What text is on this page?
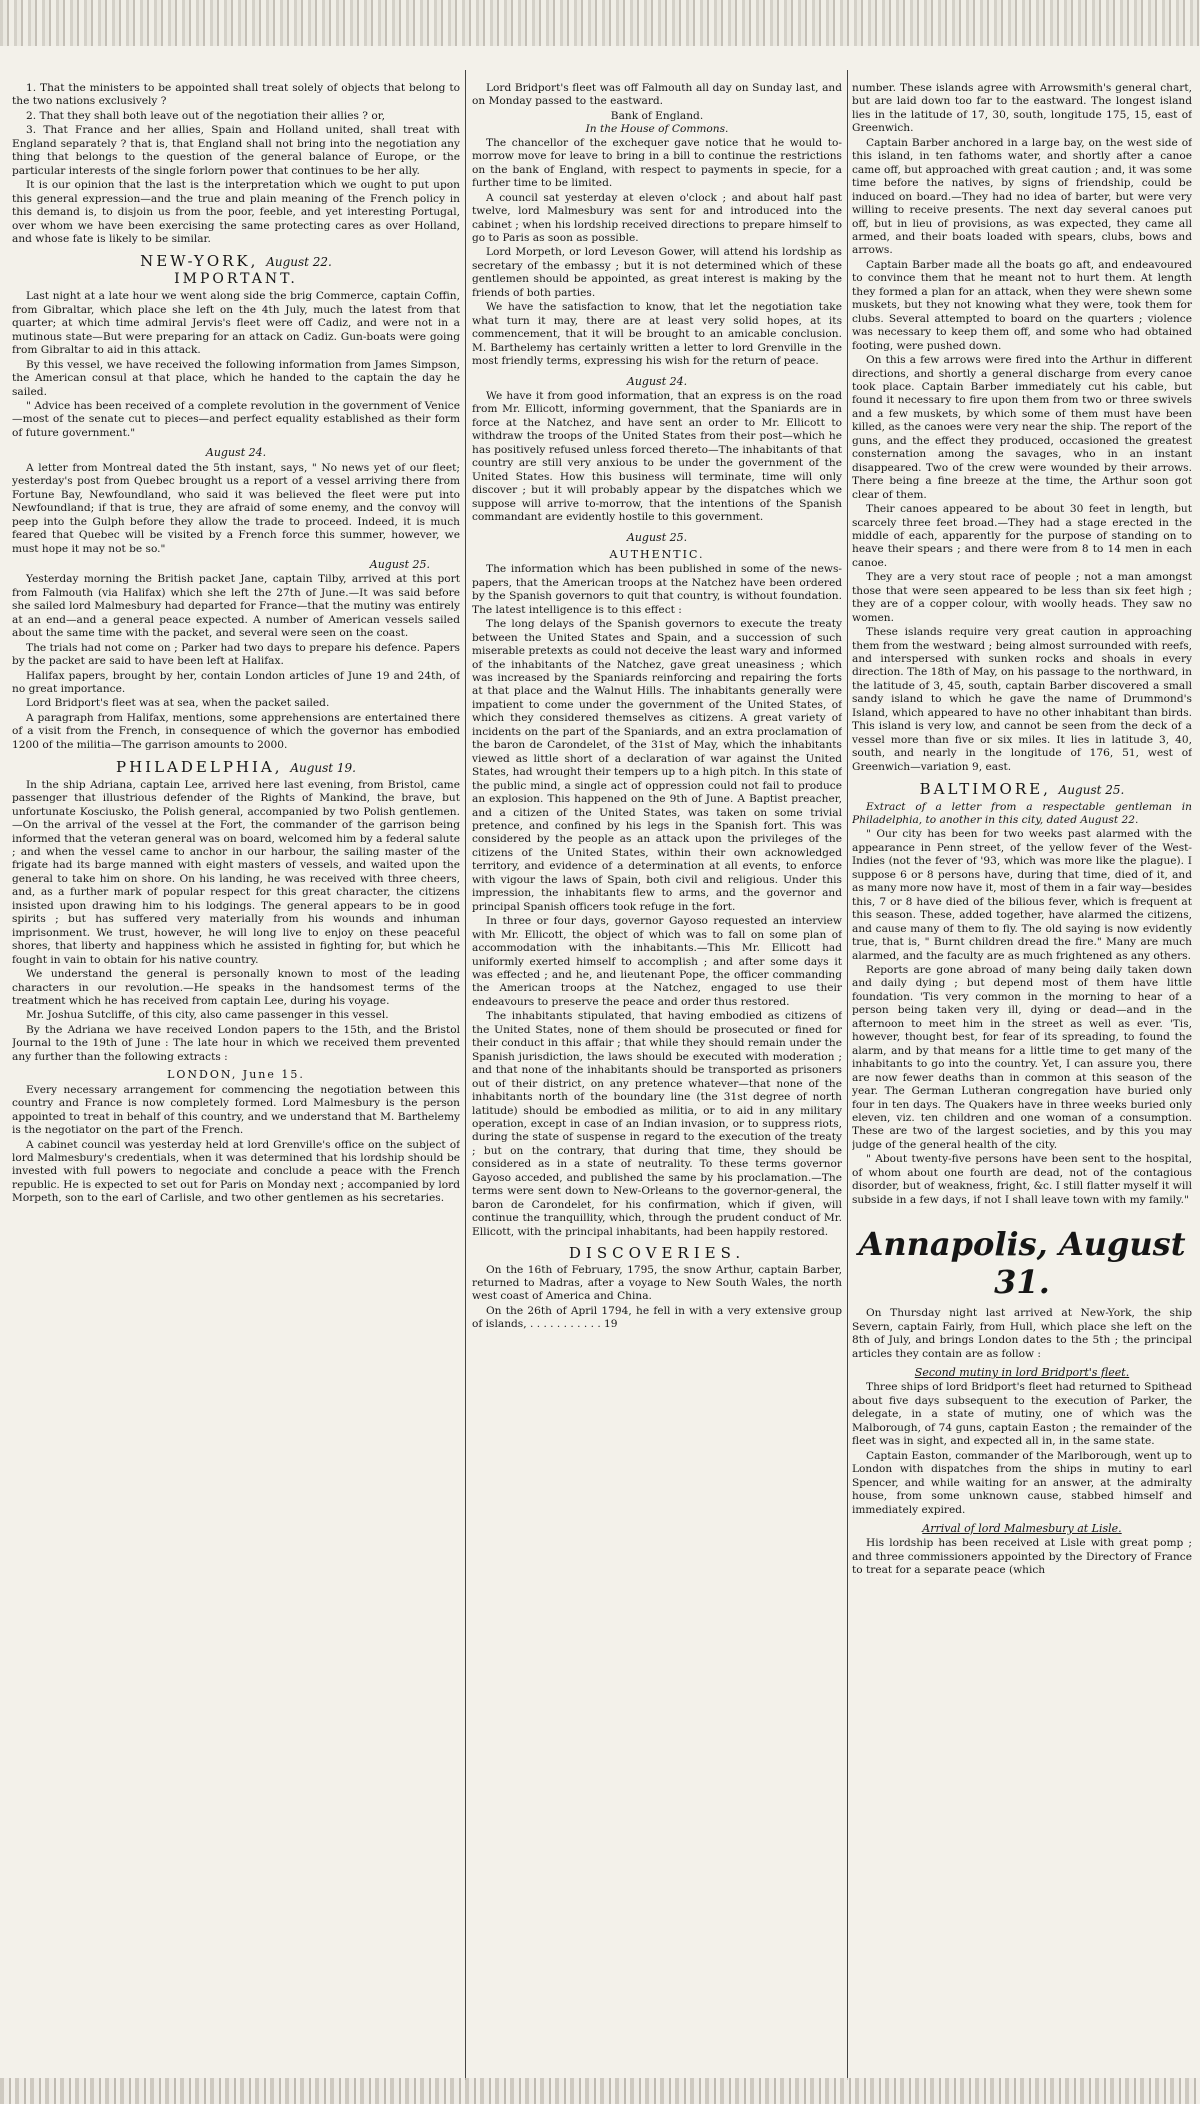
1. That the ministers to be appointed shall treat solely of objects that belong to the two nations exclusively ?

2. That they shall both leave out of the negotiation their allies ? or,

3. That France and her allies, Spain and Holland united, shall treat with England separately ? that is, that England shall not bring into the negotiation any thing that belongs to the question of the general balance of Europe, or the particular interests of the single forlorn power that continues to be her ally.

It is our opinion that the last is the interpretation which we ought to put upon this general expression—and the true and plain meaning of the French policy in this demand is, to disjoin us from the poor, feeble, and yet interesting Portugal, over whom we have been exercising the same protecting cares as over Holland, and whose fate is likely to be similar.

NEW-YORK, August 22.
IMPORTANT.

Last night at a late hour we went along side the brig Commerce, captain Coffin, from Gibraltar, which place she left on the 4th July, much the latest from that quarter; at which time admiral Jervis's fleet were off Cadiz, and were not in a mutinous state—But were preparing for an attack on Cadiz. Gun-boats were going from Gibraltar to aid in this attack.

By this vessel, we have received the following information from James Simpson, the American consul at that place, which he handed to the captain the day he sailed.

" Advice has been received of a complete revolution in the government of Venice—most of the senate cut to pieces—and perfect equality established as their form of future government."

August 24.

A letter from Montreal dated the 5th instant, says, " No news yet of our fleet; yesterday's post from Quebec brought us a report of a vessel arriving there from Fortune Bay, Newfoundland, who said it was believed the fleet were put into Newfoundland; if that is true, they are afraid of some enemy, and the convoy will peep into the Gulph before they allow the trade to proceed. Indeed, it is much feared that Quebec will be visited by a French force this summer, however, we must hope it may not be so."

August 25.

Yesterday morning the British packet Jane, captain Tilby, arrived at this port from Falmouth (via Halifax) which she left the 27th of June.—It was said before she sailed lord Malmesbury had departed for France—that the mutiny was entirely at an end—and a general peace expected. A number of American vessels sailed about the same time with the packet, and several were seen on the coast.

The trials had not come on ; Parker had two days to prepare his defence. Papers by the packet are said to have been left at Halifax.

Halifax papers, brought by her, contain London articles of June 19 and 24th, of no great importance.

Lord Bridport's fleet was at sea, when the packet sailed.

A paragraph from Halifax, mentions, some apprehensions are entertained there of a visit from the French, in consequence of which the governor has embodied 1200 of the militia—The garrison amounts to 2000.

PHILADELPHIA, August 19.

In the ship Adriana, captain Lee, arrived here last evening, from Bristol, came passenger that illustrious defender of the Rights of Mankind, the brave, but unfortunate Kosciusko, the Polish general, accompanied by two Polish gentlemen.—On the arrival of the vessel at the Fort, the commander of the garrison being informed that the veteran general was on board, welcomed him by a federal salute ; and when the vessel came to anchor in our harbour, the sailing master of the frigate had its barge manned with eight masters of vessels, and waited upon the general to take him on shore. On his landing, he was received with three cheers, and, as a further mark of popular respect for this great character, the citizens insisted upon drawing him to his lodgings. The general appears to be in good spirits ; but has suffered very materially from his wounds and inhuman imprisonment. We trust, however, he will long live to enjoy on these peaceful shores, that liberty and happiness which he assisted in fighting for, but which he fought in vain to obtain for his native country.

We understand the general is personally known to most of the leading characters in our revolution.—He speaks in the handsomest terms of the treatment which he has received from captain Lee, during his voyage.

Mr. Joshua Sutcliffe, of this city, also came passenger in this vessel.

By the Adriana we have received London papers to the 15th, and the Bristol Journal to the 19th of June : The late hour in which we received them prevented any further than the following extracts :

LONDON, June 15.

Every necessary arrangement for commencing the negotiation between this country and France is now completely formed. Lord Malmesbury is the person appointed to treat in behalf of this country, and we understand that M. Barthelemy is the negotiator on the part of the French.

A cabinet council was yesterday held at lord Grenville's office on the subject of lord Malmesbury's credentials, when it was determined that his lordship should be invested with full powers to negociate and conclude a peace with the French republic. He is expected to set out for Paris on Monday next ; accompanied by lord Morpeth, son to the earl of Carlisle, and two other gentlemen as his secretaries.

Lord Bridport's fleet was off Falmouth all day on Sunday last, and on Monday passed to the eastward.

Bank of England.
In the House of Commons.

The chancellor of the exchequer gave notice that he would to-morrow move for leave to bring in a bill to continue the restrictions on the bank of England, with respect to payments in specie, for a further time to be limited.

A council sat yesterday at eleven o'clock ; and about half past twelve, lord Malmesbury was sent for and introduced into the cabinet ; when his lordship received directions to prepare himself to go to Paris as soon as possible.

Lord Morpeth, or lord Leveson Gower, will attend his lordship as secretary of the embassy ; but it is not determined which of these gentlemen should be appointed, as great interest is making by the friends of both parties.

We have the satisfaction to know, that let the negotiation take what turn it may, there are at least very solid hopes, at its commencement, that it will be brought to an amicable conclusion. M. Barthelemy has certainly written a letter to lord Grenville in the most friendly terms, expressing his wish for the return of peace.

August 24.

We have it from good information, that an express is on the road from Mr. Ellicott, informing government, that the Spaniards are in force at the Natchez, and have sent an order to Mr. Ellicott to withdraw the troops of the United States from their post—which he has positively refused unless forced thereto—The inhabitants of that country are still very anxious to be under the government of the United States. How this business will terminate, time will only discover ; but it will probably appear by the dispatches which we suppose will arrive to-morrow, that the intentions of the Spanish commandant are evidently hostile to this government.

August 25.
AUTHENTIC.

The information which has been published in some of the news-papers, that the American troops at the Natchez have been ordered by the Spanish governors to quit that country, is without foundation. The latest intelligence is to this effect :

The long delays of the Spanish governors to execute the treaty between the United States and Spain, and a succession of such miserable pretexts as could not deceive the least wary and informed of the inhabitants of the Natchez, gave great uneasiness ; which was increased by the Spaniards reinforcing and repairing the forts at that place and the Walnut Hills. The inhabitants generally were impatient to come under the government of the United States, of which they considered themselves as citizens. A great variety of incidents on the part of the Spaniards, and an extra proclamation of the baron de Carondelet, of the 31st of May, which the inhabitants viewed as little short of a declaration of war against the United States, had wrought their tempers up to a high pitch. In this state of the public mind, a single act of oppression could not fail to produce an explosion. This happened on the 9th of June. A Baptist preacher, and a citizen of the United States, was taken on some trivial pretence, and confined by his legs in the Spanish fort. This was considered by the people as an attack upon the privileges of the citizens of the United States, within their own acknowledged territory, and evidence of a determination at all events, to enforce with vigour the laws of Spain, both civil and religious. Under this impression, the inhabitants flew to arms, and the governor and principal Spanish officers took refuge in the fort.

In three or four days, governor Gayoso requested an interview with Mr. Ellicott, the object of which was to fall on some plan of accommodation with the inhabitants.—This Mr. Ellicott had uniformly exerted himself to accomplish ; and after some days it was effected ; and he, and lieutenant Pope, the officer commanding the American troops at the Natchez, engaged to use their endeavours to preserve the peace and order thus restored.

The inhabitants stipulated, that having embodied as citizens of the United States, none of them should be prosecuted or fined for their conduct in this affair ; that while they should remain under the Spanish jurisdiction, the laws should be executed with moderation ; and that none of the inhabitants should be transported as prisoners out of their district, on any pretence whatever—that none of the inhabitants north of the boundary line (the 31st degree of north latitude) should be embodied as militia, or to aid in any military operation, except in case of an Indian invasion, or to suppress riots, during the state of suspense in regard to the execution of the treaty ; but on the contrary, that during that time, they should be considered as in a state of neutrality. To these terms governor Gayoso acceded, and published the same by his proclamation.—The terms were sent down to New-Orleans to the governor-general, the baron de Carondelet, for his confirmation, which if given, will continue the tranquillity, which, through the prudent conduct of Mr. Ellicott, with the principal inhabitants, had been happily restored.

DISCOVERIES.

On the 16th of February, 1795, the snow Arthur, captain Barber, returned to Madras, after a voyage to New South Wales, the north west coast of America and China.

On the 26th of April 1794, he fell in with a very extensive group of islands, . . . . . . . . . . . 19

number. These islands agree with Arrowsmith's general chart, but are laid down too far to the eastward. The longest island lies in the latitude of 17, 30, south, longitude 175, 15, east of Greenwich.

Captain Barber anchored in a large bay, on the west side of this island, in ten fathoms water, and shortly after a canoe came off, but approached with great caution ; and, it was some time before the natives, by signs of friendship, could be induced on board.—They had no idea of barter, but were very willing to receive presents. The next day several canoes put off, but in lieu of provisions, as was expected, they came all armed, and their boats loaded with spears, clubs, bows and arrows.

Captain Barber made all the boats go aft, and endeavoured to convince them that he meant not to hurt them. At length they formed a plan for an attack, when they were shewn some muskets, but they not knowing what they were, took them for clubs. Several attempted to board on the quarters ; violence was necessary to keep them off, and some who had obtained footing, were pushed down.

On this a few arrows were fired into the Arthur in different directions, and shortly a general discharge from every canoe took place. Captain Barber immediately cut his cable, but found it necessary to fire upon them from two or three swivels and a few muskets, by which some of them must have been killed, as the canoes were very near the ship. The report of the guns, and the effect they produced, occasioned the greatest consternation among the savages, who in an instant disappeared. Two of the crew were wounded by their arrows. There being a fine breeze at the time, the Arthur soon got clear of them.

Their canoes appeared to be about 30 feet in length, but scarcely three feet broad.—They had a stage erected in the middle of each, apparently for the purpose of standing on to heave their spears ; and there were from 8 to 14 men in each canoe.

They are a very stout race of people ; not a man amongst those that were seen appeared to be less than six feet high ; they are of a copper colour, with woolly heads. They saw no women.

These islands require very great caution in approaching them from the westward ; being almost surrounded with reefs, and interspersed with sunken rocks and shoals in every direction. The 18th of May, on his passage to the northward, in the latitude of 3, 45, south, captain Barber discovered a small sandy island to which he gave the name of Drummond's Island, which appeared to have no other inhabitant than birds. This island is very low, and cannot be seen from the deck of a vessel more than five or six miles. It lies in latitude 3, 40, south, and nearly in the longitude of 176, 51, west of Greenwich—variation 9, east.

BALTIMORE, August 25.

Extract of a letter from a respectable gentleman in Philadelphia, to another in this city, dated August 22.

" Our city has been for two weeks past alarmed with the appearance in Penn street, of the yellow fever of the West-Indies (not the fever of '93, which was more like the plague). I suppose 6 or 8 persons have, during that time, died of it, and as many more now have it, most of them in a fair way—besides this, 7 or 8 have died of the bilious fever, which is frequent at this season. These, added together, have alarmed the citizens, and cause many of them to fly. The old saying is now evidently true, that is, " Burnt children dread the fire." Many are much alarmed, and the faculty are as much frightened as any others.

Reports are gone abroad of many being daily taken down and daily dying ; but depend most of them have little foundation. 'Tis very common in the morning to hear of a person being taken very ill, dying or dead—and in the afternoon to meet him in the street as well as ever. 'Tis, however, thought best, for fear of its spreading, to found the alarm, and by that means for a little time to get many of the inhabitants to go into the country. Yet, I can assure you, there are now fewer deaths than in common at this season of the year. The German Lutheran congregation have buried only four in ten days. The Quakers have in three weeks buried only eleven, viz. ten children and one woman of a consumption. These are two of the largest societies, and by this you may judge of the general health of the city.

" About twenty-five persons have been sent to the hospital, of whom about one fourth are dead, not of the contagious disorder, but of weakness, fright, &c. I still flatter myself it will subside in a few days, if not I shall leave town with my family."

Annapolis, August 31.

On Thursday night last arrived at New-York, the ship Severn, captain Fairly, from Hull, which place she left on the 8th of July, and brings London dates to the 5th ; the principal articles they contain are as follow :

Second mutiny in lord Bridport's fleet.

Three ships of lord Bridport's fleet had returned to Spithead about five days subsequent to the execution of Parker, the delegate, in a state of mutiny, one of which was the Malborough, of 74 guns, captain Easton ; the remainder of the fleet was in sight, and expected all in, in the same state.

Captain Easton, commander of the Marlborough, went up to London with dispatches from the ships in mutiny to earl Spencer, and while waiting for an answer, at the admiralty house, from some unknown cause, stabbed himself and immediately expired.

Arrival of lord Malmesbury at Lisle.

His lordship has been received at Lisle with great pomp ; and three commissioners appointed by the Directory of France to treat for a separate peace (which
